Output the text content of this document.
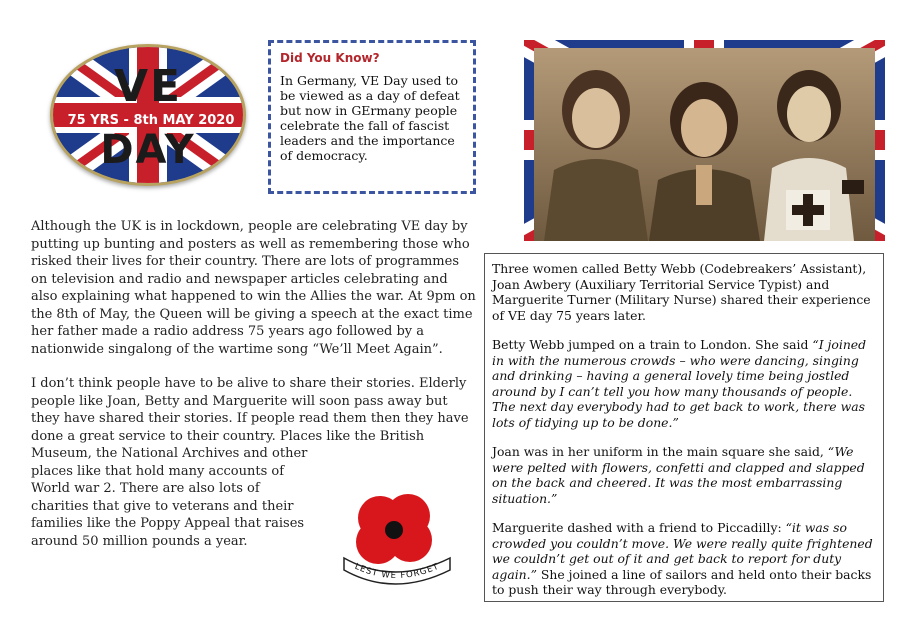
VE
75 YRS - 8th MAY 2020
DAY
Did You Know?
In Germany, VE Day used to be viewed as a day of defeat but now in GErmany people celebrate the fall of fascist leaders and the importance of democracy.

Although the UK is in lockdown, people are celebrating VE day by putting up bunting and posters as well as remembering those who risked their lives for their country. There are lots of programmes on television and radio and newspaper articles celebrating and also explaining what happened to win the Allies the war. At 9pm on the 8th of May, the Queen will be giving a speech at the exact time her father made a radio address 75 years ago followed by a nationwide singalong of the wartime song “We’ll Meet Again”.

I don’t think people have to be alive to share their stories. Elderly people like Joan, Betty and Marguerite will soon pass away but they have shared their stories. If people read them then they have done a great service to their country. Places like the British
Museum, the National Archives and other places like that hold many accounts of World war 2. There are also lots of charities that give to veterans and their families like the Poppy Appeal that raises around 50 million pounds a year.
LEST WE FORGET

Three women called Betty Webb (Codebreakers’ Assistant), Joan Awbery (Auxiliary Territorial Service Typist) and Marguerite Turner (Military Nurse) shared their experience of VE day 75 years later.

Betty Webb jumped on a train to London. She said “I joined in with the numerous crowds – who were dancing, singing and drinking – having a general lovely time being jostled around by I can’t tell you how many thousands of people. The next day everybody had to get back to work, there was lots of tidying up to be done.”

Joan was in her uniform in the main square she said, “We were pelted with flowers, confetti and clapped and slapped on the back and cheered. It was the most embarrassing situation.”

Marguerite dashed with a friend to Piccadilly: “it was so crowded you couldn’t move. We were really quite frightened we couldn’t get out of it and get back to report for duty again.” She joined a line of sailors and held onto their backs to push their way through everybody.
